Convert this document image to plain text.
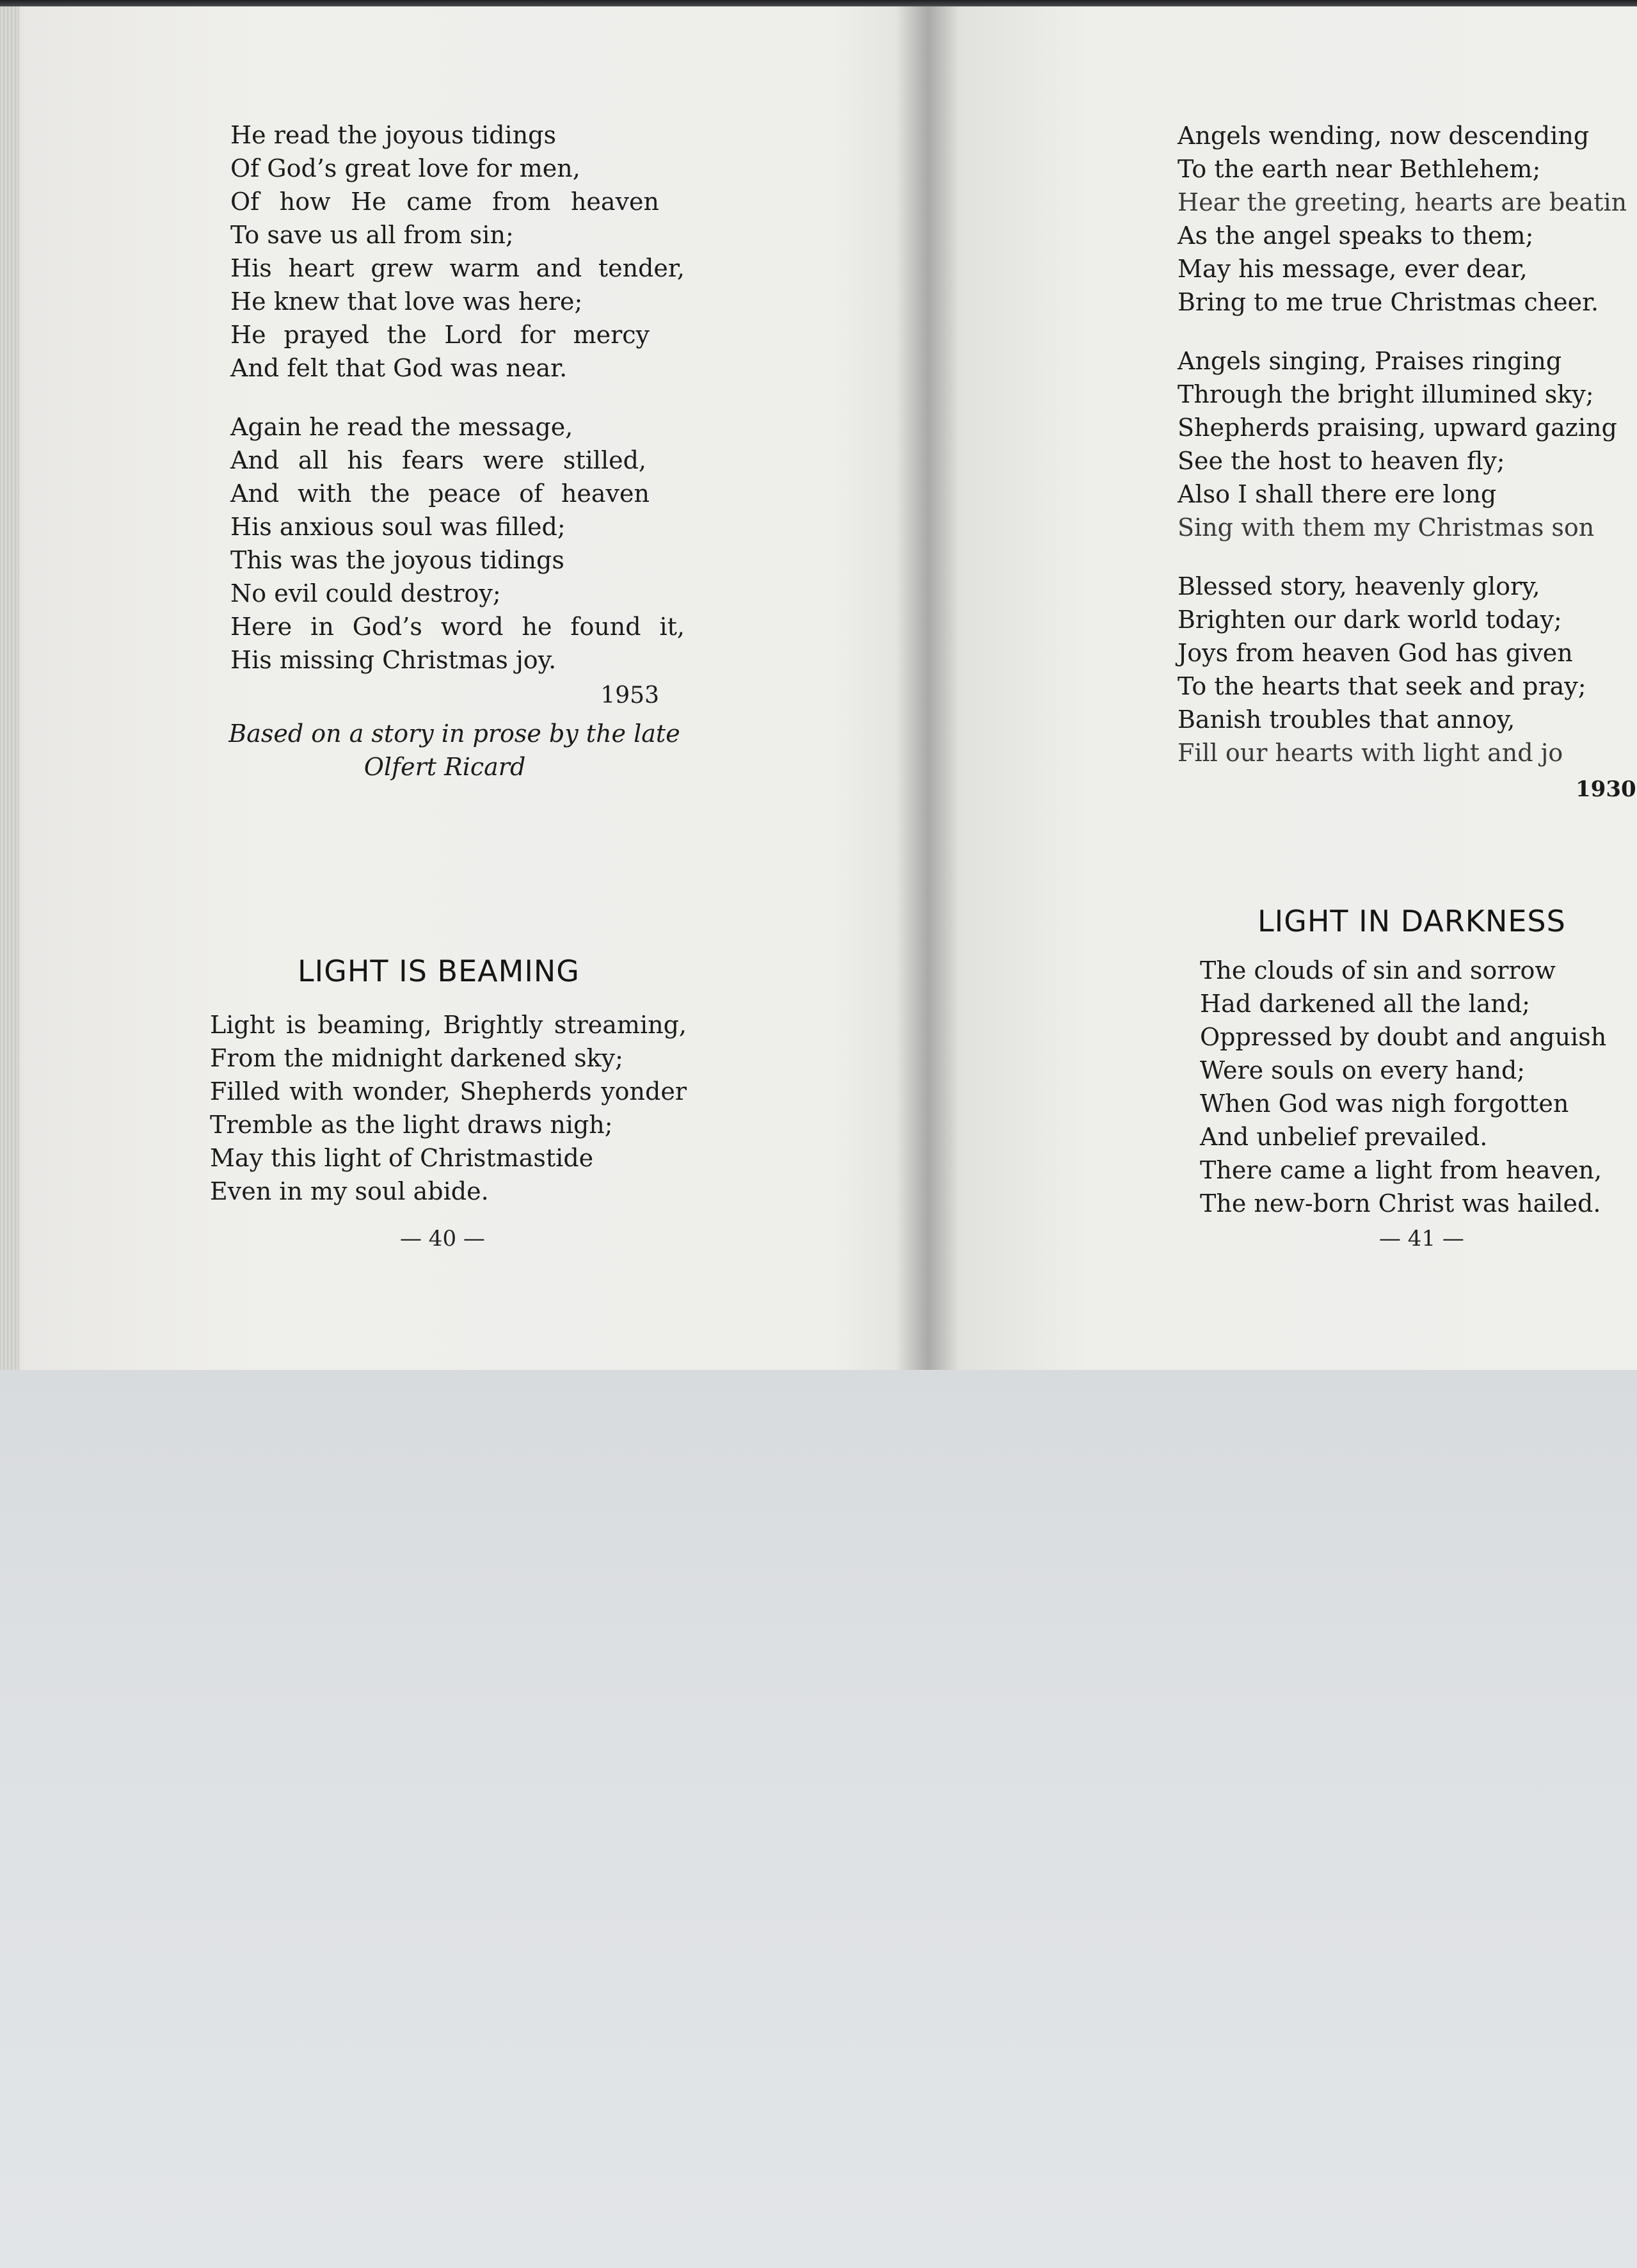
He read the joyous tidings
Of God’s great love for men,
Of how He came from heaven
To save us all from sin;
His heart grew warm and tender,
He knew that love was here;
He prayed the Lord for mercy
And felt that God was near.
Again he read the message,
And all his fears were stilled,
And with the peace of heaven
His anxious soul was filled;
This was the joyous tidings
No evil could destroy;
Here in God’s word he found it,
His missing Christmas joy.
1953
Based on a story in prose by the late
Olfert Ricard
LIGHT IS BEAMING
Light is beaming, Brightly streaming,
From the midnight darkened sky;
Filled with wonder, Shepherds yonder
Tremble as the light draws nigh;
May this light of Christmastide
Even in my soul abide.
— 40 —
Angels wending, now descending
To the earth near Bethlehem;
Hear the greeting, hearts are beatin
As the angel speaks to them;
May his message, ever dear,
Bring to me true Christmas cheer.
Angels singing, Praises ringing
Through the bright illumined sky;
Shepherds praising, upward gazing
See the host to heaven fly;
Also I shall there ere long
Sing with them my Christmas son
Blessed story, heavenly glory,
Brighten our dark world today;
Joys from heaven God has given
To the hearts that seek and pray;
Banish troubles that annoy,
Fill our hearts with light and jo
1930
LIGHT IN DARKNESS
The clouds of sin and sorrow
Had darkened all the land;
Oppressed by doubt and anguish
Were souls on every hand;
When God was nigh forgotten
And unbelief prevailed.
There came a light from heaven,
The new-born Christ was hailed.
— 41 —
